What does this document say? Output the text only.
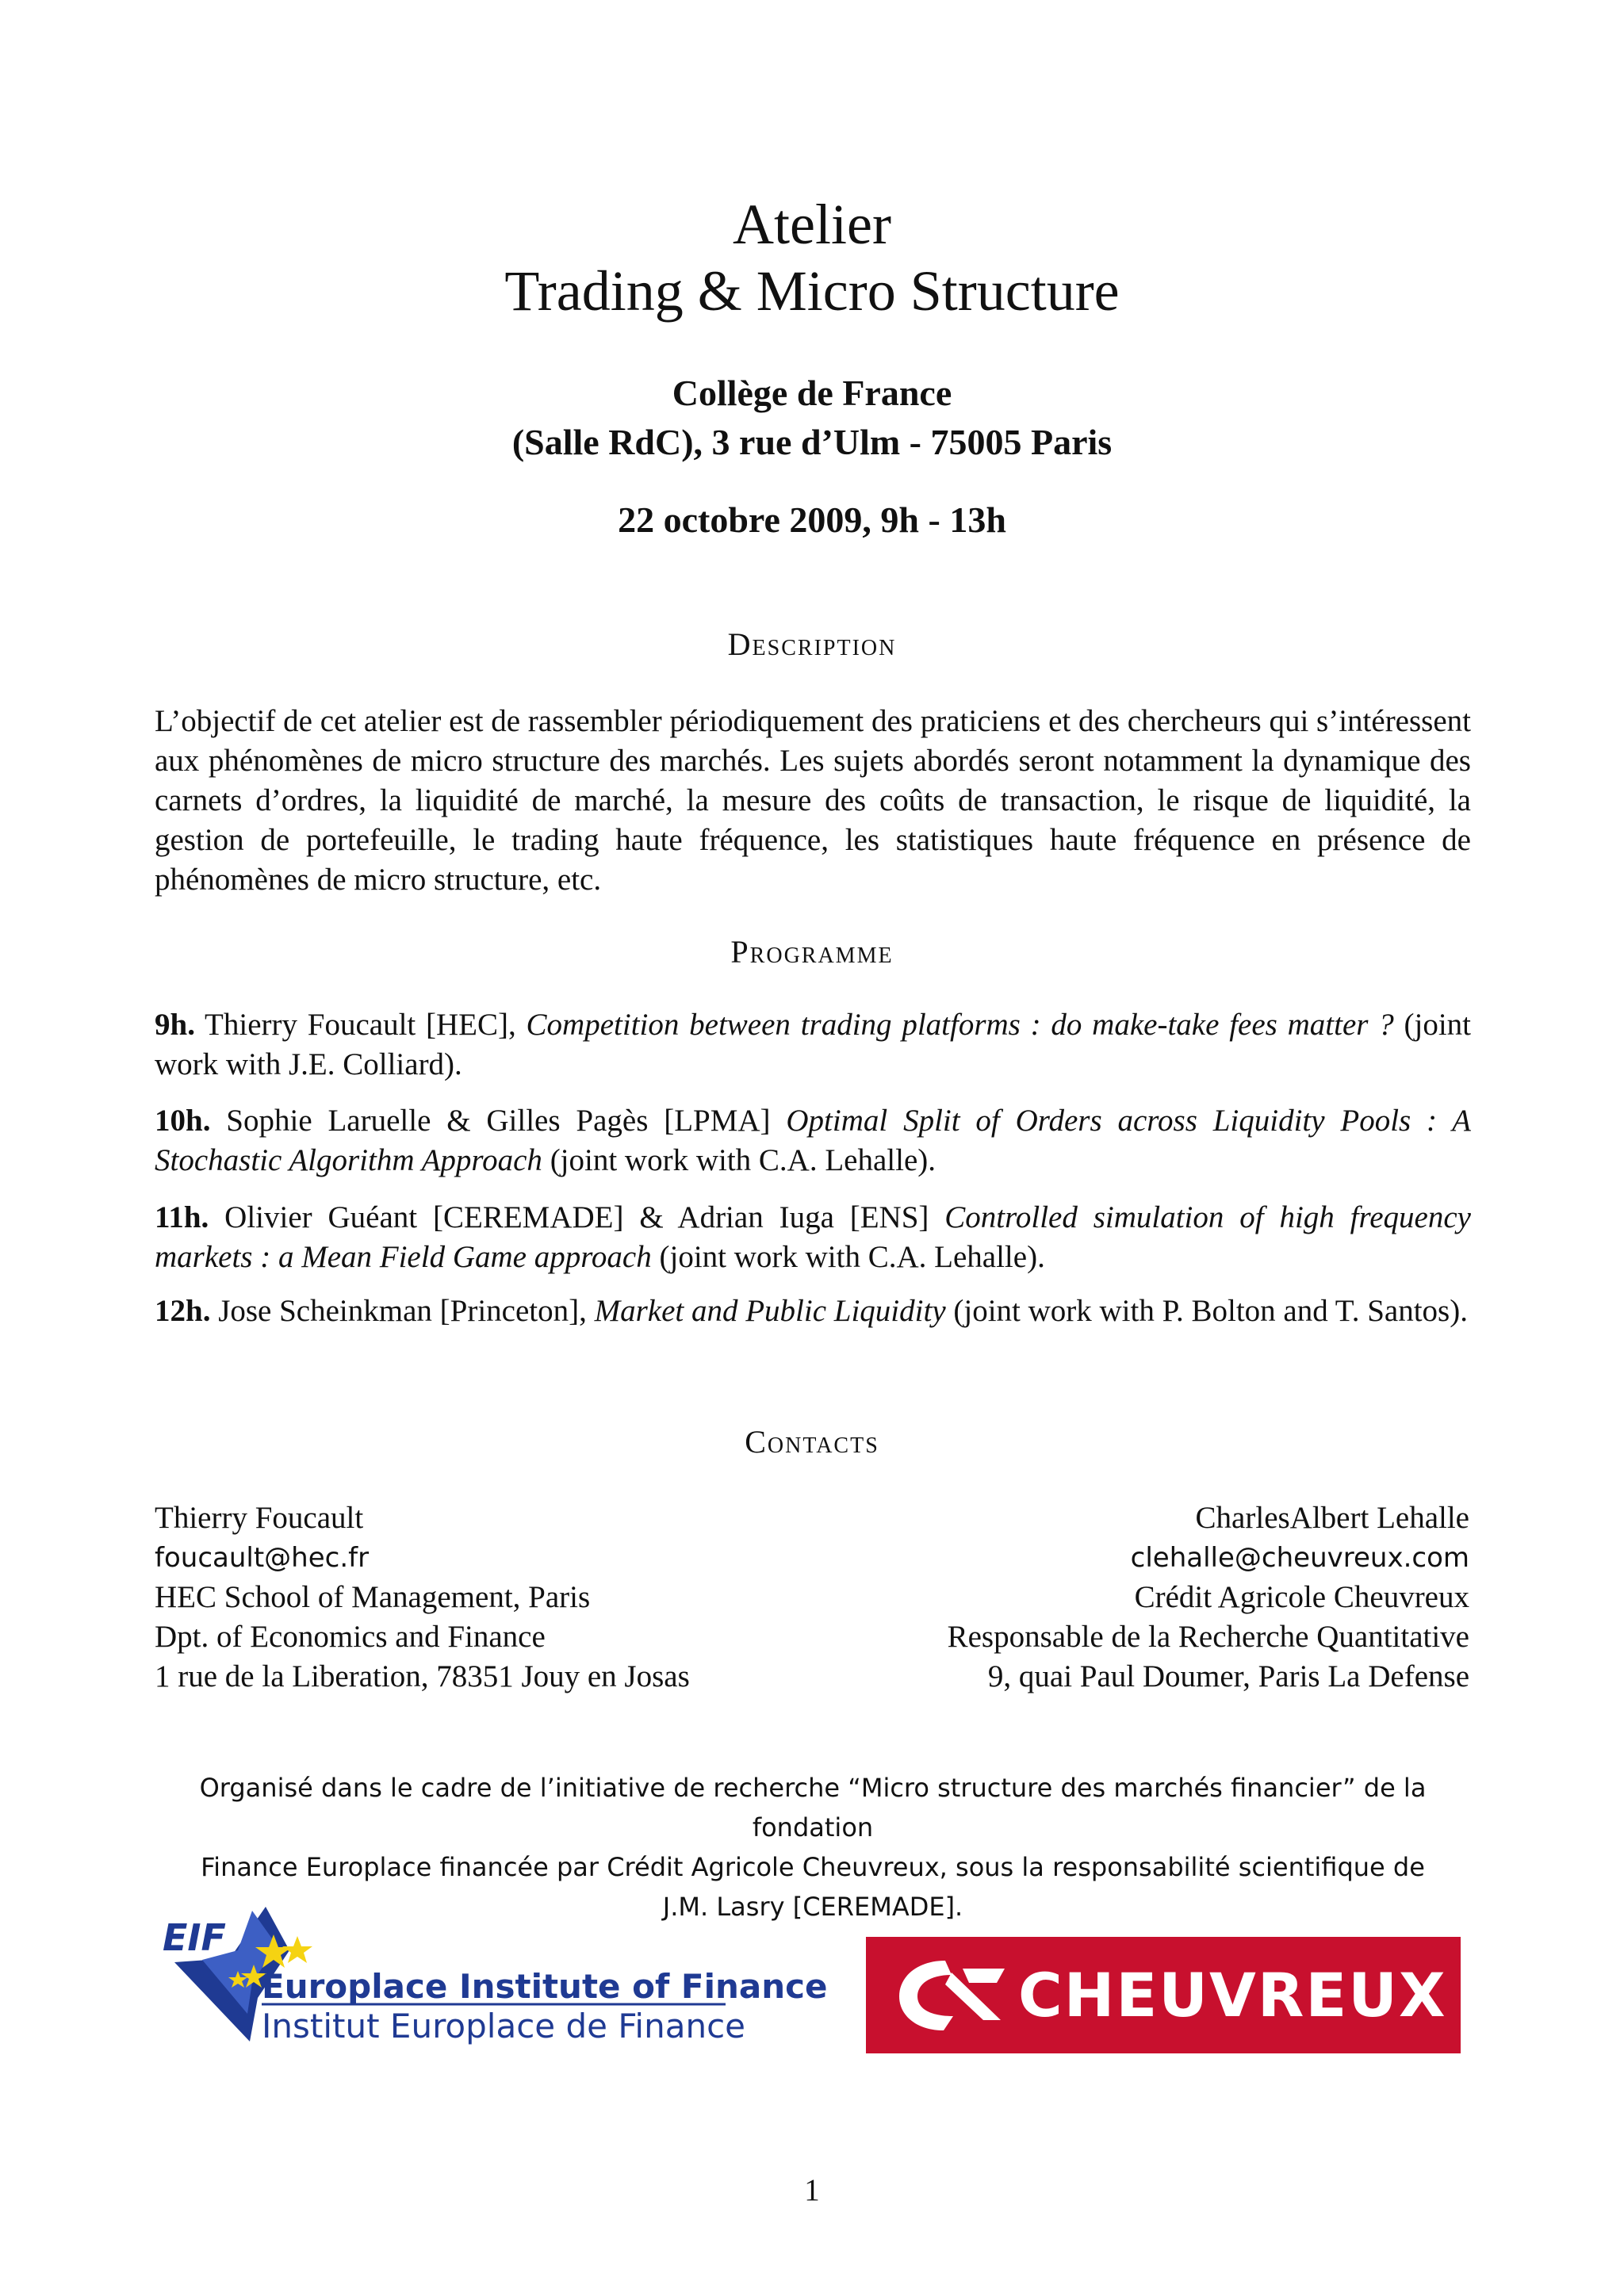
Atelier
Trading & Micro Structure
Collège de France
(Salle RdC), 3 rue d’Ulm - 75005 Paris
22 octobre 2009, 9h - 13h
Description
L’objectif de cet atelier est de rassembler périodiquement des praticiens et des chercheurs qui s’intéressent aux phénomènes de micro structure des marchés. Les sujets abordés seront notamment la dynamique des carnets d’ordres, la liquidité de marché, la mesure des coûts de transaction, le risque de liquidité, la gestion de portefeuille, le trading haute fréquence, les statistiques haute fréquence en présence de phénomènes de micro structure, etc.
Programme
9h. Thierry Foucault [HEC], Competition between trading platforms : do make-take fees matter ? (joint work with J.E. Colliard).
10h. Sophie Laruelle & Gilles Pagès [LPMA] Optimal Split of Orders across Liquidity Pools : A Stochastic Algorithm Approach (joint work with C.A. Lehalle).
11h. Olivier Guéant [CEREMADE] & Adrian Iuga [ENS] Controlled simulation of high frequency markets : a Mean Field Game approach (joint work with C.A. Lehalle).
12h. Jose Scheinkman [Princeton], Market and Public Liquidity (joint work with P. Bolton and T. Santos).
Contacts
Thierry Foucault
foucault@hec.fr
HEC School of Management, Paris
Dpt. of Economics and Finance
1 rue de la Liberation, 78351 Jouy en Josas
CharlesAlbert Lehalle
clehalle@cheuvreux.com
Crédit Agricole Cheuvreux
Responsable de la Recherche Quantitative
9, quai Paul Doumer, Paris La Defense
Organisé dans le cadre de l’initiative de recherche “Micro structure des marchés financier” de la fondation
Finance Europlace financée par Crédit Agricole Cheuvreux, sous la responsabilité scientifique de
J.M. Lasry [CEREMADE].
EIF
Europlace Institute of Finance
Institut Europlace de Finance	CHEUVREUX
1
